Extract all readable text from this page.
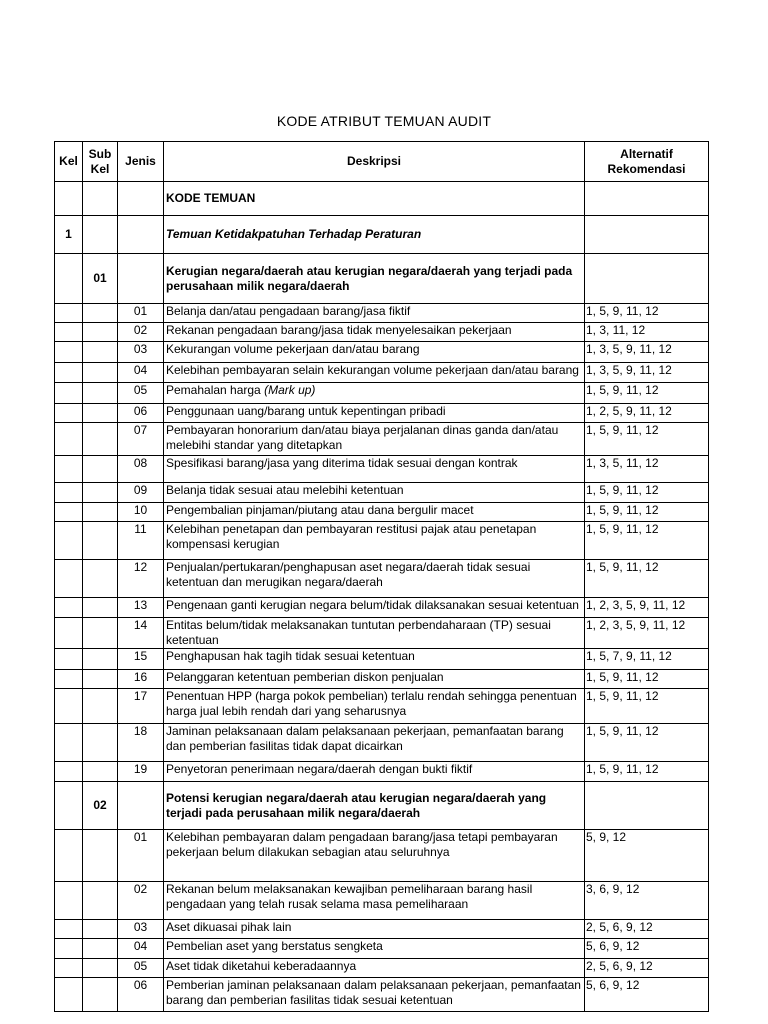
KODE ATRIBUT TEMUAN AUDIT
Kel	Sub Kel	Jenis	Deskripsi	Alternatif Rekomendasi
			KODE TEMUAN	
1			Temuan Ketidakpatuhan Terhadap Peraturan	
	01		Kerugian negara/daerah atau kerugian negara/daerah yang terjadi pada perusahaan milik negara/daerah	
		01	Belanja dan/atau pengadaan barang/jasa fiktif	1, 5, 9, 11, 12
		02	Rekanan pengadaan barang/jasa tidak menyelesaikan pekerjaan	1, 3, 11, 12
		03	Kekurangan volume pekerjaan dan/atau barang	1, 3, 5, 9, 11, 12
		04	Kelebihan pembayaran selain kekurangan volume pekerjaan dan/atau barang	1, 3, 5, 9, 11, 12
		05	Pemahalan harga (Mark up)	1, 5, 9, 11, 12
		06	Penggunaan uang/barang untuk kepentingan pribadi	1, 2, 5, 9, 11, 12
		07	Pembayaran honorarium dan/atau biaya perjalanan dinas ganda dan/atau melebihi standar yang ditetapkan	1, 5, 9, 11, 12
		08	Spesifikasi barang/jasa yang diterima tidak sesuai dengan kontrak	1, 3, 5, 11, 12
		09	Belanja tidak sesuai atau melebihi ketentuan	1, 5, 9, 11, 12
		10	Pengembalian pinjaman/piutang atau dana bergulir macet	1, 5, 9, 11, 12
		11	Kelebihan penetapan dan pembayaran restitusi pajak atau penetapan kompensasi kerugian	1, 5, 9, 11, 12
		12	Penjualan/pertukaran/penghapusan aset negara/daerah tidak sesuai ketentuan dan merugikan negara/daerah	1, 5, 9, 11, 12
		13	Pengenaan ganti kerugian negara belum/tidak dilaksanakan sesuai ketentuan	1, 2, 3, 5, 9, 11, 12
		14	Entitas belum/tidak melaksanakan tuntutan perbendaharaan (TP) sesuai ketentuan	1, 2, 3, 5, 9, 11, 12
		15	Penghapusan hak tagih tidak sesuai ketentuan	1, 5, 7, 9, 11, 12
		16	Pelanggaran ketentuan pemberian diskon penjualan	1, 5, 9, 11, 12
		17	Penentuan HPP (harga pokok pembelian) terlalu rendah sehingga penentuan harga jual lebih rendah dari yang seharusnya	1, 5, 9, 11, 12
		18	Jaminan pelaksanaan dalam pelaksanaan pekerjaan, pemanfaatan barang dan pemberian fasilitas tidak dapat dicairkan	1, 5, 9, 11, 12
		19	Penyetoran penerimaan negara/daerah dengan bukti fiktif	1, 5, 9, 11, 12
	02		Potensi kerugian negara/daerah atau kerugian negara/daerah yang terjadi pada perusahaan milik negara/daerah	
		01	Kelebihan pembayaran dalam pengadaan barang/jasa tetapi pembayaran pekerjaan belum dilakukan sebagian atau seluruhnya	5, 9, 12
		02	Rekanan belum melaksanakan kewajiban pemeliharaan barang hasil pengadaan yang telah rusak selama masa pemeliharaan	3, 6, 9, 12
		03	Aset dikuasai pihak lain	2, 5, 6, 9, 12
		04	Pembelian aset yang berstatus sengketa	5, 6, 9, 12
		05	Aset tidak diketahui keberadaannya	2, 5, 6, 9, 12
		06	Pemberian jaminan pelaksanaan dalam pelaksanaan pekerjaan, pemanfaatan barang dan pemberian fasilitas tidak sesuai ketentuan	5, 6, 9, 12
